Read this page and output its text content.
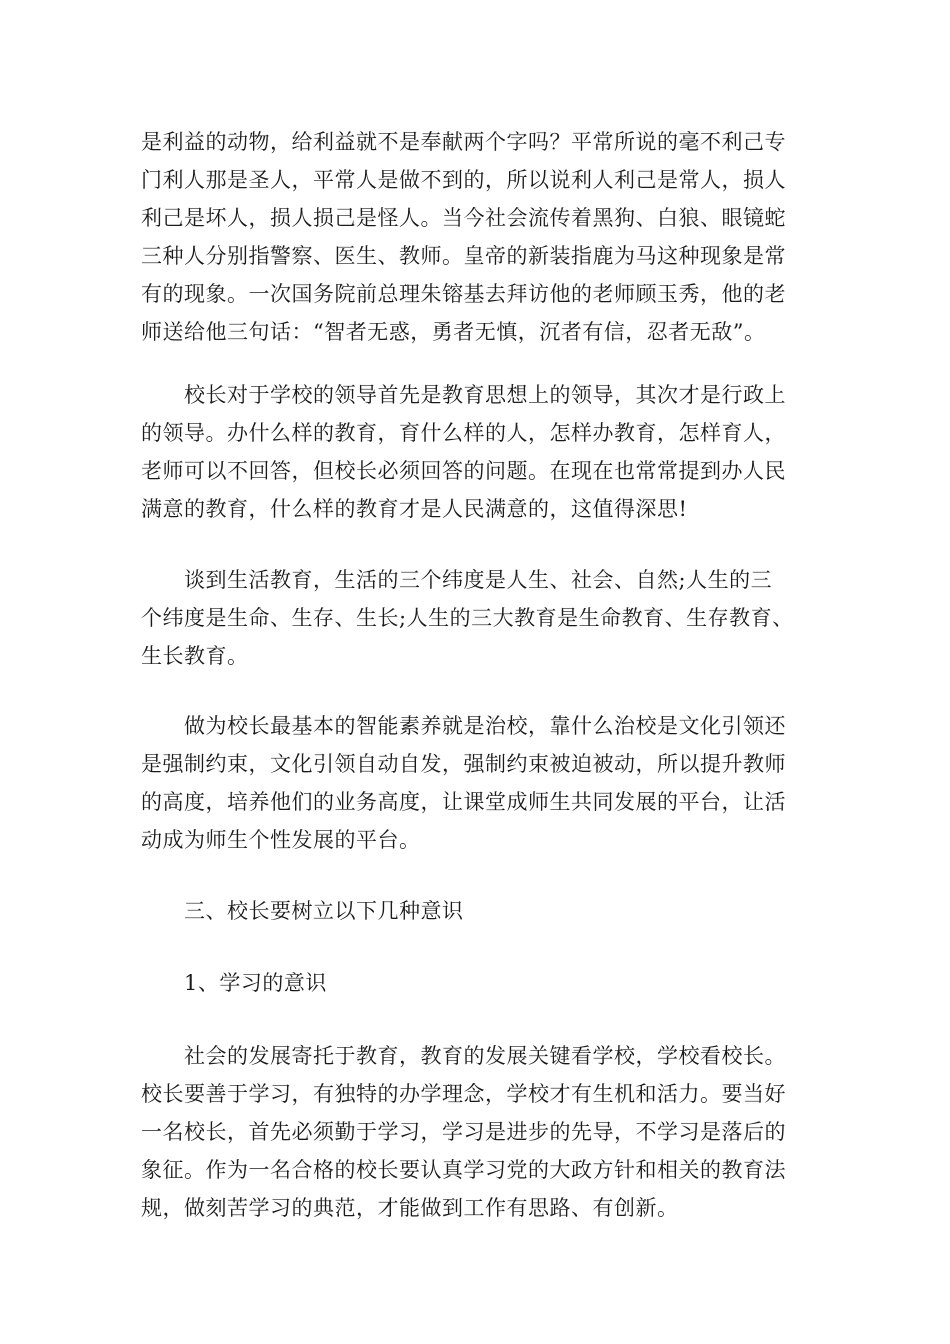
是利益的动物，给利益就不是奉献两个字吗？平常所说的毫不利己专
门利人那是圣人，平常人是做不到的，所以说利人利己是常人，损人
利己是坏人，损人损己是怪人。当今社会流传着黑狗、白狼、眼镜蛇
三种人分别指警察、医生、教师。皇帝的新装指鹿为马这种现象是常
有的现象。一次国务院前总理朱镕基去拜访他的老师顾玉秀，他的老
师送给他三句话：“智者无惑，勇者无慎，沉者有信，忍者无敌”。
校长对于学校的领导首先是教育思想上的领导，其次才是行政上
的领导。办什么样的教育，育什么样的人，怎样办教育，怎样育人，
老师可以不回答，但校长必须回答的问题。在现在也常常提到办人民
满意的教育，什么样的教育才是人民满意的，这值得深思!
谈到生活教育，生活的三个纬度是人生、社会、自然;人生的三
个纬度是生命、生存、生长;人生的三大教育是生命教育、生存教育、
生长教育。
做为校长最基本的智能素养就是治校，靠什么治校是文化引领还
是强制约束，文化引领自动自发，强制约束被迫被动，所以提升教师
的高度，培养他们的业务高度，让课堂成师生共同发展的平台，让活
动成为师生个性发展的平台。
三、校长要树立以下几种意识
1、学习的意识
社会的发展寄托于教育，教育的发展关键看学校，学校看校长。
校长要善于学习，有独特的办学理念，学校才有生机和活力。要当好
一名校长，首先必须勤于学习，学习是进步的先导，不学习是落后的
象征。作为一名合格的校长要认真学习党的大政方针和相关的教育法
规，做刻苦学习的典范，才能做到工作有思路、有创新。
